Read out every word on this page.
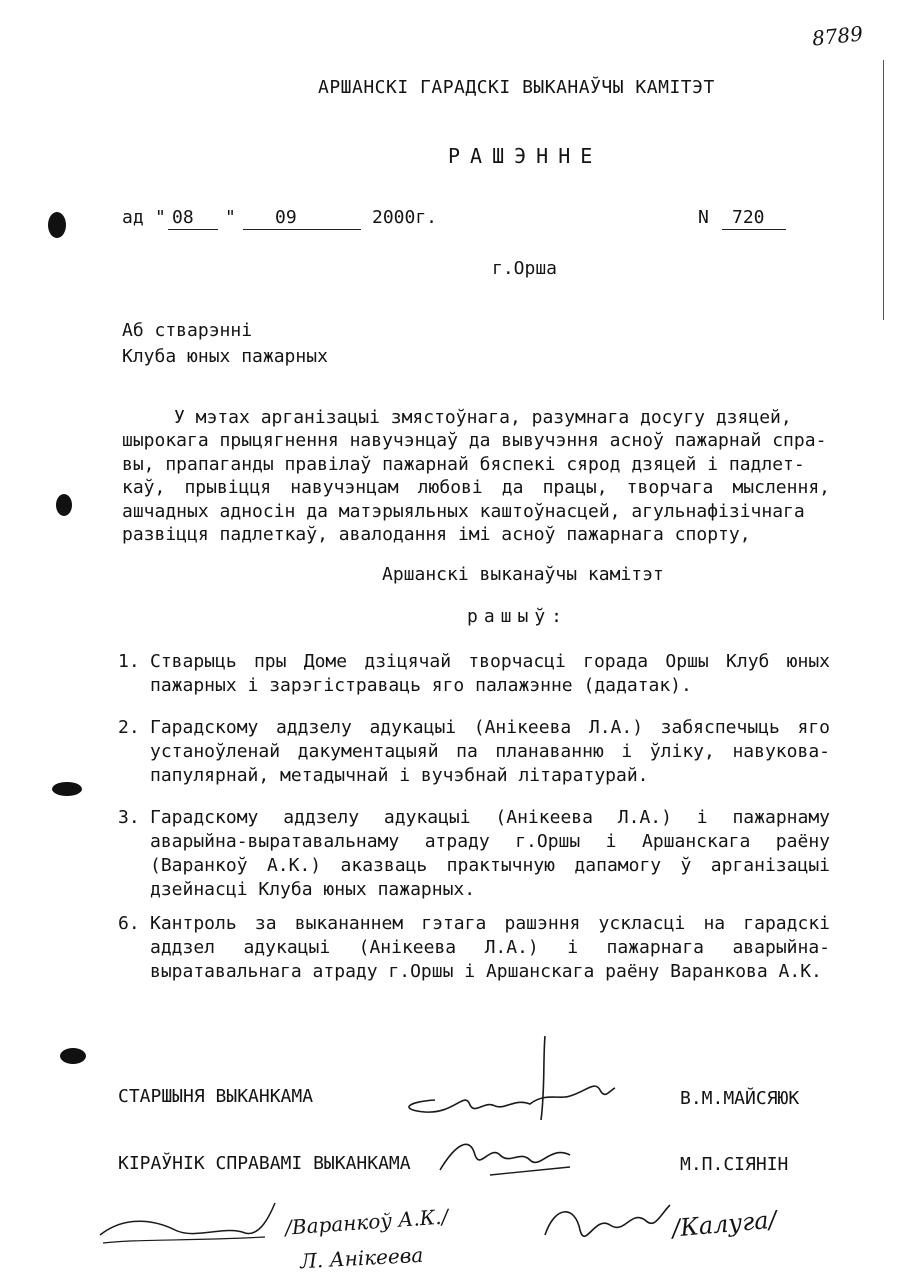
8789
АРШАНСКІ ГАРАДСКІ ВЫКАНАЎЧЫ КАМІТЭТ
РАШЭННЕ
ад " 08 " 09	2000г.	N 720
г.Орша
Аб стварэнні
Клуба юных пажарных
У мэтах арганізацыі змястоўнага, разумнага досугу дзяцей,
шырокага прыцягнення навучэнцаў да вывучэння асноў пажарнай спра-
вы, прапаганды правілаў пажарнай бяспекі сярод дзяцей і падлет-
каў, прывіцця навучэнцам любові да працы, творчага мыслення, ашчадных адносін да матэрыяльных каштоўнасцей, агульнафізічнага
развіцця падлеткаў, авалодання імі асноў пажарнага спорту,
Аршанскі выканаўчы камітэт
рашыў:
1. Стварыць пры Доме дзіцячай творчасці горада Оршы Клуб юных пажарных і зарэгістраваць яго палажэнне (дадатак).
2. Гарадскому аддзелу адукацыі (Анікеева Л.А.) забяспечыць яго устаноўленай дакументацыяй па планаванню і ўліку, навукова-папулярнай, метадычнай і вучэбнай літаратурай.
3. Гарадскому аддзелу адукацыі (Анікеева Л.А.) і пажарнаму аварыйна-выратавальнаму атраду г.Оршы і Аршанскага раёну (Варанкоў А.К.) аказваць практычную дапамогу ў арганізацыі дзейнасці Клуба юных пажарных.
6. Кантроль за выкананнем гэтага рашэння ускласці на гарадскі аддзел адукацыі (Анікеева Л.А.) і пажарнага аварыйна-выратавальнага атраду г.Оршы і Аршанскага раёну Варанкова А.К.
СТАРШЫНЯ ВЫКАНКАМА	В.М.МАЙСЯЮК
КІРАЎНІК СПРАВАМІ ВЫКАНКАМА	М.П.СІЯНІН
/Варанкоў А.К./
Л. Анікеева
/Калуга/
